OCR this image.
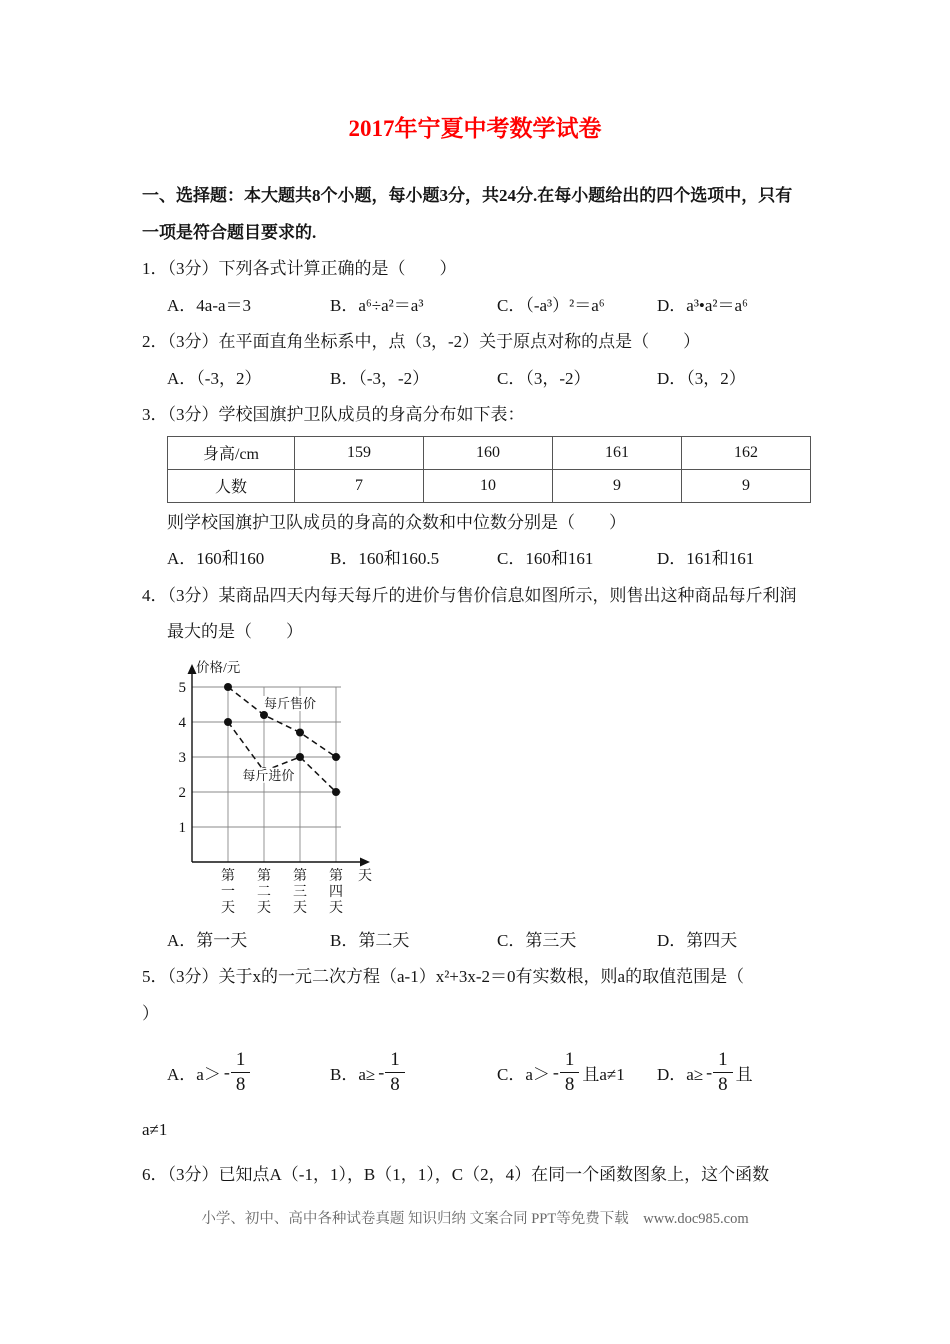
2017年宁夏中考数学试卷
一、选择题：本大题共8个小题，每小题3分，共24分.在每小题给出的四个选项中，只有
一项是符合题目要求的.
1．（3分）下列各式计算正确的是（　　）
A．4a-a＝3	B．a⁶÷a²＝a³	C．（-a³）²＝a⁶	D．a³•a²＝a⁶
2．（3分）在平面直角坐标系中，点（3，-2）关于原点对称的点是（　　）
A．（-3，2）	B．（-3，-2）	C．（3，-2）	D．（3，2）
3．（3分）学校国旗护卫队成员的身高分布如下表：
身高/cm	159	160	161	162
人数	7	10	9	9
则学校国旗护卫队成员的身高的众数和中位数分别是（　　）
A．160和160	B．160和160.5	C．160和161	D．161和161
4．（3分）某商品四天内每天每斤的进价与售价信息如图所示，则售出这种商品每斤利润
最大的是（　　）
1
2
3
4
5
价格/元
每斤售价
每斤进价
第
一
天
第
二
天
第
三
天
第
四
天
天
A．第一天	B．第二天	C．第三天	D．第四天
5．（3分）关于x的一元二次方程（a-1）x²+3x-2＝0有实数根，则a的取值范围是（
）
A．$a> - \frac{1}{8}$	B．$a\ge - \frac{1}{8}$	C．$a> - \frac{1}{8}$ 且a≠1 D．$a\ge - \frac{1}{8}$ 且
a≠1
6．（3分）已知点A（-1，1），B（1，1），C（2，4）在同一个函数图象上，这个函数
小学、初中、高中各种试卷真题 知识归纳 文案合同 PPT等免费下载　www.doc985.com
